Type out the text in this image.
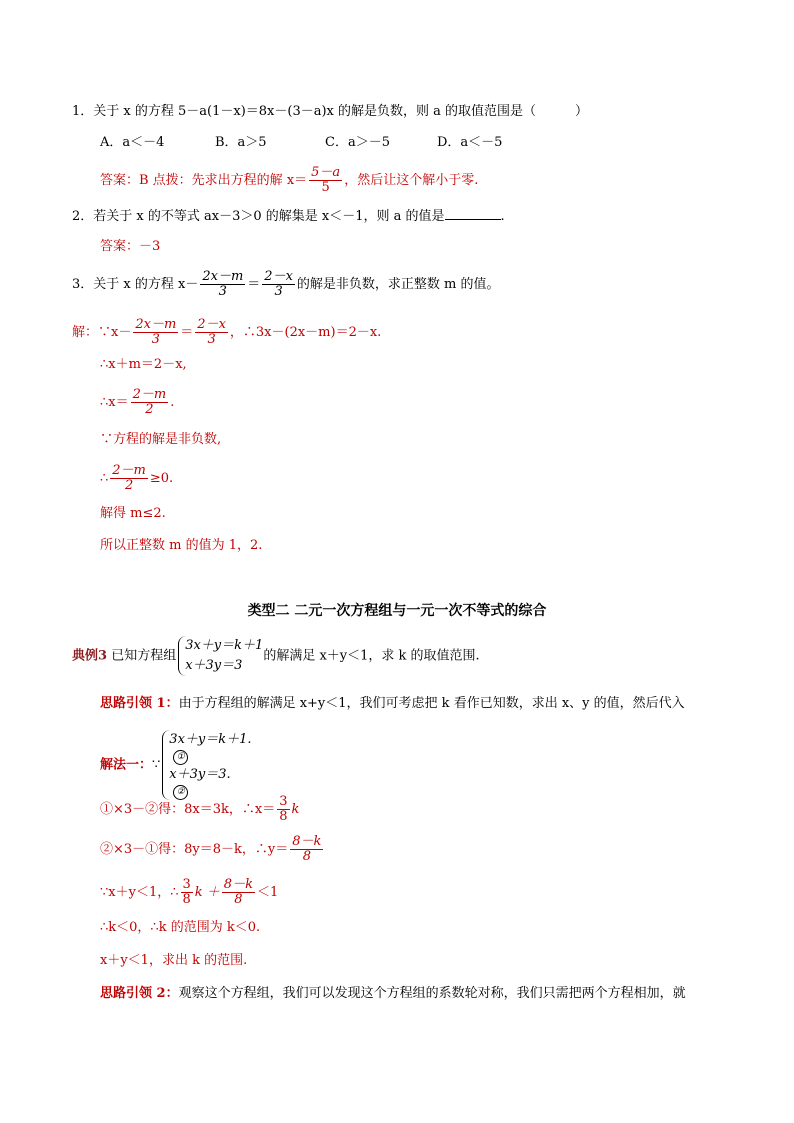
1．关于 x 的方程 5－a(1－x)＝8x－(3－a)x 的解是负数，则 a 的取值范围是（　　　）
A．a＜－4	B．a＞5	C．a＞－5	D．a＜－5
答案：B 点拨：先求出方程的解 $x= \frac{5-a}{5}$ ，然后让这个解小于零.
2．若关于 x 的不等式 ax－3＞0 的解集是 x＜－1，则 a 的值是	.
答案：－3
3．关于 x 的方程 $x- \frac{2x-m}{3} = \frac{2-x}{3}$ 的解是非负数，求正整数 m 的值。
解：∵x－ $\frac{2x-m}{3} = \frac{2-x}{3}$ ，∴3x－(2x－m)＝2－x.
∴x＋m＝2－x,
∴x＝ $\frac{2-m}{2}$ .
∵方程的解是非负数,
∴ $\frac{2-m}{2} \ge 0$.
解得 m≤2.
所以正整数 m 的值为 1，2.
类型二 二元一次方程组与一元一次不等式的综合
典例3 已知方程组
3x＋y＝k＋1
x＋3y＝3
的解满足 x＋y＜1，求 k 的取值范围.
思路引领 1：由于方程组的解满足 x+y＜1，我们可考虑把 k 看作已知数，求出 x、y 的值，然后代入
解法一：∵
3x＋y＝k＋1.
①
x＋3y＝3.
②
①×3－②得：8x＝3k，∴x＝ $\frac{3}{8}$ k
②×3－①得：8y＝8－k，∴y＝ $\frac{8-k}{8}$
∵x＋y＜1，∴ $\frac{3}{8}$ $k + \frac{8-k}{8} <1$
∴k＜0，∴k 的范围为 k＜0.
x＋y＜1，求出 k 的范围.
思路引领 2：观察这个方程组，我们可以发现这个方程组的系数轮对称，我们只需把两个方程相加，就
